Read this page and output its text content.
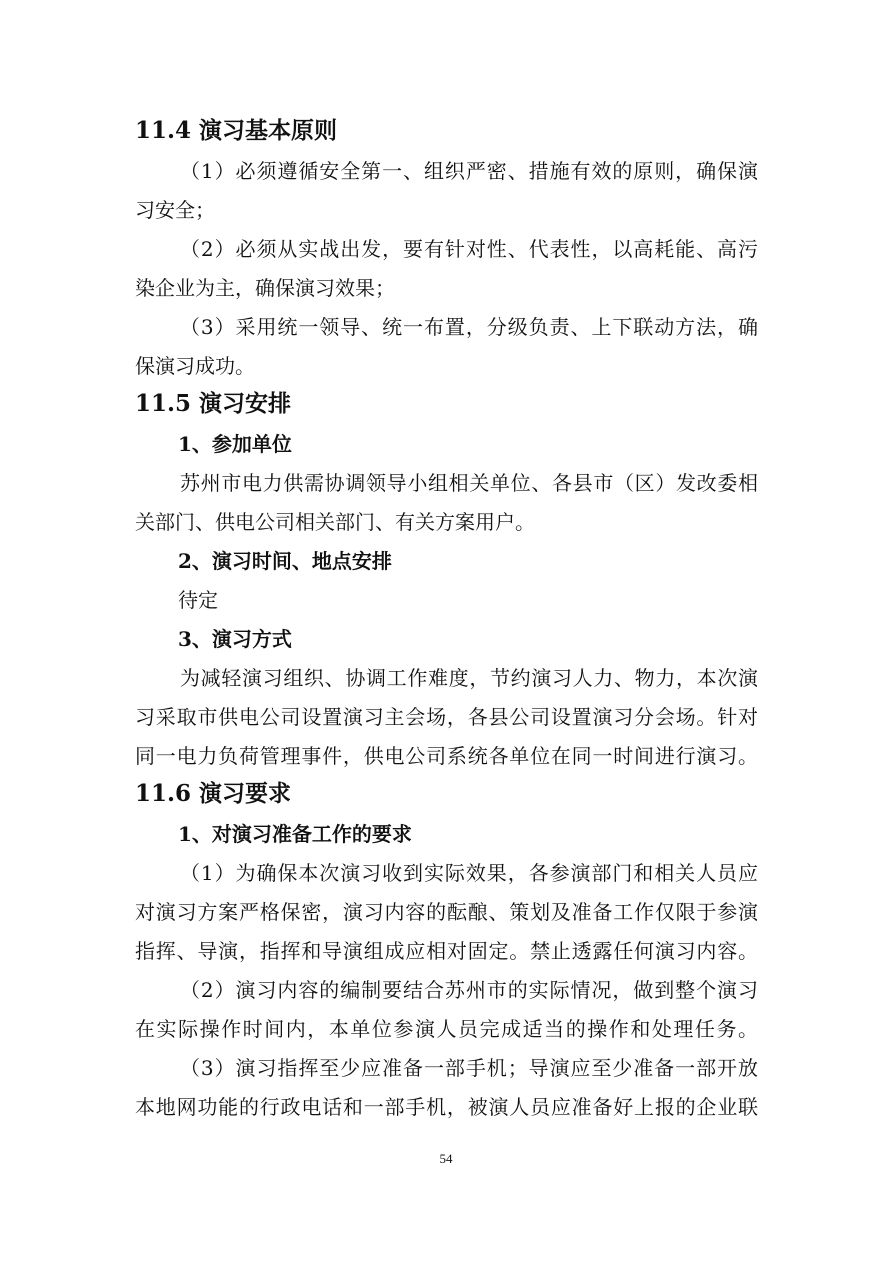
11.4 演习基本原则
（1）必须遵循安全第一、组织严密、措施有效的原则，确保演
习安全；
（2）必须从实战出发，要有针对性、代表性，以高耗能、高污
染企业为主，确保演习效果；
（3）采用统一领导、统一布置，分级负责、上下联动方法，确
保演习成功。
11.5 演习安排
1、参加单位
苏州市电力供需协调领导小组相关单位、各县市（区）发改委相
关部门、供电公司相关部门、有关方案用户。
2、演习时间、地点安排
待定
3、演习方式
为减轻演习组织、协调工作难度，节约演习人力、物力，本次演
习采取市供电公司设置演习主会场，各县公司设置演习分会场。针对
同一电力负荷管理事件，供电公司系统各单位在同一时间进行演习。
11.6 演习要求
1、对演习准备工作的要求
（1）为确保本次演习收到实际效果，各参演部门和相关人员应
对演习方案严格保密，演习内容的酝酿、策划及准备工作仅限于参演
指挥、导演，指挥和导演组成应相对固定。禁止透露任何演习内容。
（2）演习内容的编制要结合苏州市的实际情况，做到整个演习
在实际操作时间内，本单位参演人员完成适当的操作和处理任务。
（3）演习指挥至少应准备一部手机；导演应至少准备一部开放
本地网功能的行政电话和一部手机，被演人员应准备好上报的企业联
54
